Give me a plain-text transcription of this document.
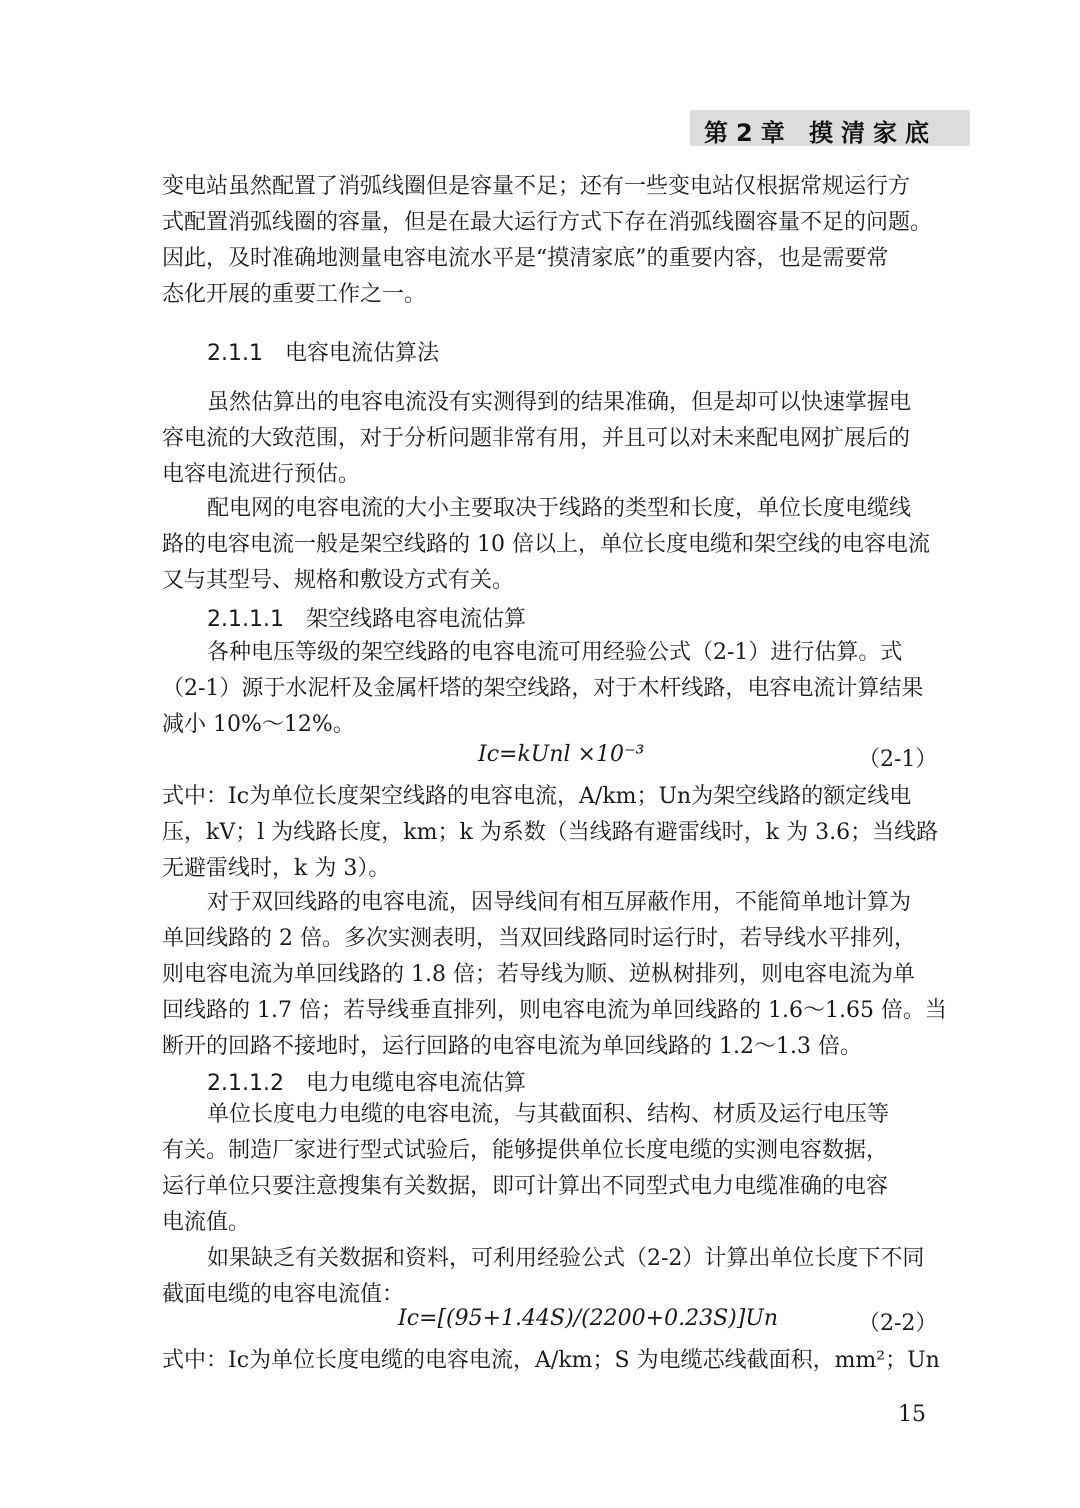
第2章 摸清家底
变电站虽然配置了消弧线圈但是容量不足；还有一些变电站仅根据常规运行方
式配置消弧线圈的容量，但是在最大运行方式下存在消弧线圈容量不足的问题。
因此，及时准确地测量电容电流水平是“摸清家底”的重要内容，也是需要常
态化开展的重要工作之一。
2.1.1　电容电流估算法
虽然估算出的电容电流没有实测得到的结果准确，但是却可以快速掌握电
容电流的大致范围，对于分析问题非常有用，并且可以对未来配电网扩展后的
电容电流进行预估。
配电网的电容电流的大小主要取决于线路的类型和长度，单位长度电缆线
路的电容电流一般是架空线路的 10 倍以上，单位长度电缆和架空线的电容电流
又与其型号、规格和敷设方式有关。
2.1.1.1　架空线路电容电流估算
各种电压等级的架空线路的电容电流可用经验公式（2-1）进行估算。式
（2-1）源于水泥杆及金属杆塔的架空线路，对于木杆线路，电容电流计算结果
减小 10%～12%。
Ic=kUnl ×10⁻³	（2-1）
式中：Ic为单位长度架空线路的电容电流，A/km；Un为架空线路的额定线电
压，kV；l 为线路长度，km；k 为系数（当线路有避雷线时，k 为 3.6；当线路
无避雷线时，k 为 3）。
对于双回线路的电容电流，因导线间有相互屏蔽作用，不能简单地计算为
单回线路的 2 倍。多次实测表明，当双回线路同时运行时，若导线水平排列，
则电容电流为单回线路的 1.8 倍；若导线为顺、逆枞树排列，则电容电流为单
回线路的 1.7 倍；若导线垂直排列，则电容电流为单回线路的 1.6～1.65 倍。当
断开的回路不接地时，运行回路的电容电流为单回线路的 1.2～1.3 倍。
2.1.1.2　电力电缆电容电流估算
单位长度电力电缆的电容电流，与其截面积、结构、材质及运行电压等
有关。制造厂家进行型式试验后，能够提供单位长度电缆的实测电容数据，
运行单位只要注意搜集有关数据，即可计算出不同型式电力电缆准确的电容
电流值。
如果缺乏有关数据和资料，可利用经验公式（2-2）计算出单位长度下不同
截面电缆的电容电流值：
Ic=[(95+1.44S)/(2200+0.23S)]Un	（2-2）
式中：Ic为单位长度电缆的电容电流，A/km；S 为电缆芯线截面积，mm²；Un
15
